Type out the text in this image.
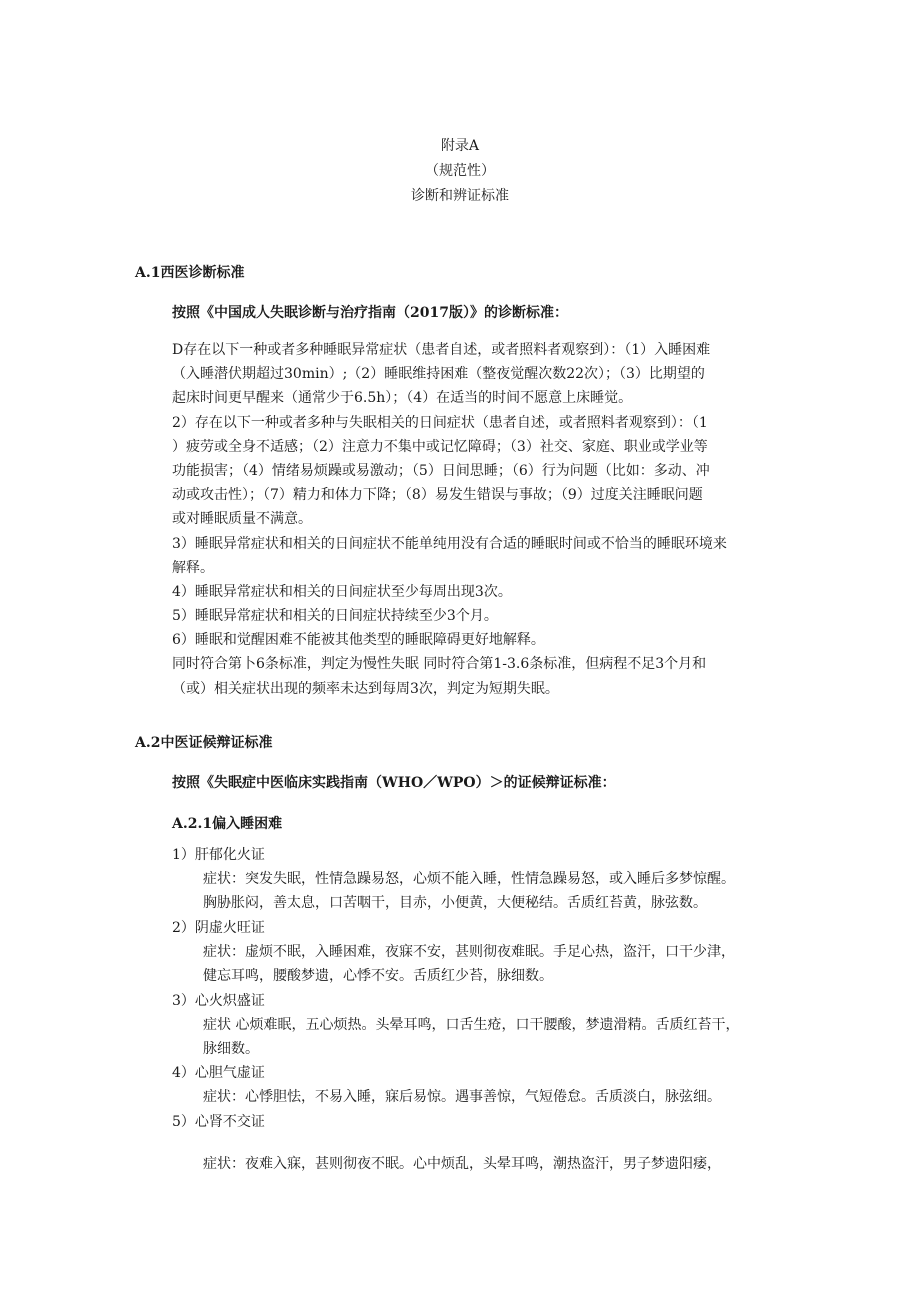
附录A
（规范性）
诊断和辨证标准
A.1西医诊断标准
按照《中国成人失眠诊断与治疗指南（2017版）》的诊断标准：
D存在以下一种或者多种睡眠异常症状（患者自述，或者照料者观察到）：（1）入睡困难
（入睡潜伏期超过30min）;（2）睡眠维持困难（整夜觉醒次数22次）；（3）比期望的
起床时间更早醒来（通常少于6.5h）；（4）在适当的时间不愿意上床睡觉。
2）存在以下一种或者多种与失眠相关的日间症状（患者自述，或者照料者观察到）：（1
）疲劳或全身不适感；（2）注意力不集中或记忆障碍；（3）社交、家庭、职业或学业等
功能损害；（4）情绪易烦躁或易激动；（5）日间思睡；（6）行为问题（比如：多动、冲
动或攻击性）；（7）精力和体力下降；（8）易发生错误与事故；（9）过度关注睡眠问题
或对睡眠质量不满意。
3）睡眠异常症状和相关的日间症状不能单纯用没有合适的睡眠时间或不恰当的睡眠环境来
解释。
4）睡眠异常症状和相关的日间症状至少每周出现3次。
5）睡眠异常症状和相关的日间症状持续至少3个月。
6）睡眠和觉醒困难不能被其他类型的睡眠障碍更好地解释。
同时符合第卜6条标准，判定为慢性失眠 同时符合第1-3.6条标准，但病程不足3个月和
（或）相关症状出现的频率未达到每周3次，判定为短期失眠。
A.2中医证候辩证标准
按照《失眠症中医临床实践指南（WHO／WPO）＞的证候辩证标准：
A.2.1偏入睡困难
1）肝郁化火证
症状：突发失眠，性情急躁易怒，心烦不能入睡，性情急躁易怒，或入睡后多梦惊醒。
胸胁胀闷，善太息，口苦咽干，目赤，小便黄，大便秘结。舌质红苔黄，脉弦数。
2）阴虚火旺证
症状：虚烦不眠，入睡困难，夜寐不安，甚则彻夜难眠。手足心热，盗汗，口干少津，
健忘耳鸣，腰酸梦遗，心悸不安。舌质红少苔，脉细数。
3）心火炽盛证
症状 心烦难眠，五心烦热。头晕耳鸣，口舌生疮，口干腰酸，梦遗滑精。舌质红苔干，
脉细数。
4）心胆气虚证
症状：心悸胆怯，不易入睡，寐后易惊。遇事善惊，气短倦怠。舌质淡白，脉弦细。
5）心肾不交证
症状：夜难入寐，甚则彻夜不眠。心中烦乱，头晕耳鸣，潮热盗汗，男子梦遗阳痿，
